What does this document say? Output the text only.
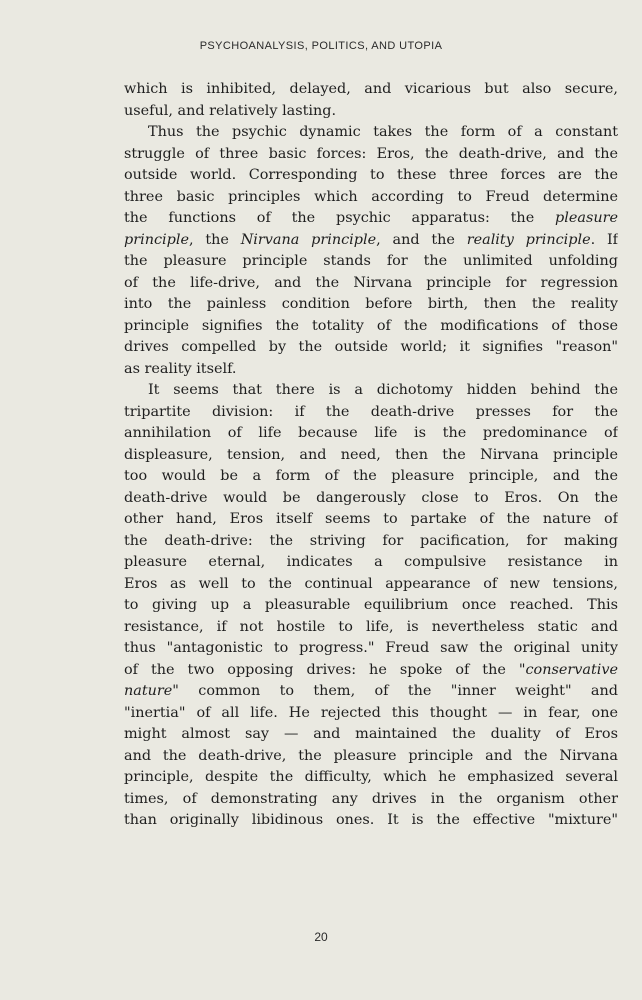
PSYCHOANALYSIS, POLITICS, AND UTOPIA
which is inhibited, delayed, and vicarious but also secure,
useful, and relatively lasting.
Thus the psychic dynamic takes the form of a constant
struggle of three basic forces: Eros, the death-drive, and the
outside world. Corresponding to these three forces are the
three basic principles which according to Freud determine
the functions of the psychic apparatus: the pleasure
principle, the Nirvana principle, and the reality principle. If
the pleasure principle stands for the unlimited unfolding
of the life-drive, and the Nirvana principle for regression
into the painless condition before birth, then the reality
principle signifies the totality of the modifications of those
drives compelled by the outside world; it signifies "reason"
as reality itself.
It seems that there is a dichotomy hidden behind the
tripartite division: if the death-drive presses for the
annihilation of life because life is the predominance of
displeasure, tension, and need, then the Nirvana principle
too would be a form of the pleasure principle, and the
death-drive would be dangerously close to Eros. On the
other hand, Eros itself seems to partake of the nature of
the death-drive: the striving for pacification, for making
pleasure eternal, indicates a compulsive resistance in
Eros as well to the continual appearance of new tensions,
to giving up a pleasurable equilibrium once reached. This
resistance, if not hostile to life, is nevertheless static and
thus "antagonistic to progress." Freud saw the original unity
of the two opposing drives: he spoke of the "conservative
nature" common to them, of the "inner weight" and
"inertia" of all life. He rejected this thought — in fear, one
might almost say — and maintained the duality of Eros
and the death-drive, the pleasure principle and the Nirvana
principle, despite the difficulty, which he emphasized several
times, of demonstrating any drives in the organism other
than originally libidinous ones. It is the effective "mixture"
20
